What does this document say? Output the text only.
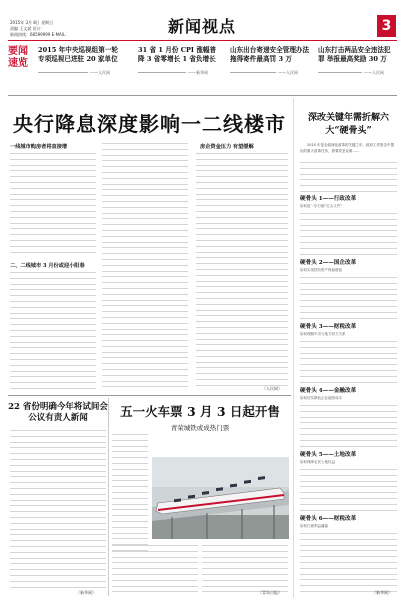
2015年 3月 8日 星期日
责编 王文斌 设计：
新闻热线：68599999 E-MAIL：	新闻视点	3
要闻速览
2015 年中央巡视组第一轮专项巡视已进驻 20 家单位
——人民网
31 省 1 月份 CPI 涨幅普降 3 省零增长 1 省负增长
——新华网
山东出台寄递安全管理办法 拖得寄件最高罚 3 万
——人民网
山东打击两品安全违法犯罪 举报最高奖励 30 万
——人民网
央行降息深度影响一二线楼市
一线城市购房者将直接增
二、二线城市 3 月份或迎小阳春
房企资金压力 有望缓解
（人民网）
22 省份明确今年将试间会公议有责人新闻
（新华网）
五一火车票 3 月 3 日起开售
青荣城铁或成热门票
（青岛日报）
深改关键年需折解六大“硬骨头”
2015 年是全面深化改革的关键之年，政府工作报告中提出的重大改革任务，需要攻坚克难……
硬骨头 1——行政改革
如何进一步打破“红头文件”
硬骨头 2——国企改革
如何实现国有资产保值增值
硬骨头 3——财税改革
如何理顺中央与地方财力关系
硬骨头 4——金融改革
如何切实降低企业融资成本
硬骨头 5——土地改革
如何保障农民土地权益
硬骨头 6——财税改革
如何打破利益藩篱
（新华网）
